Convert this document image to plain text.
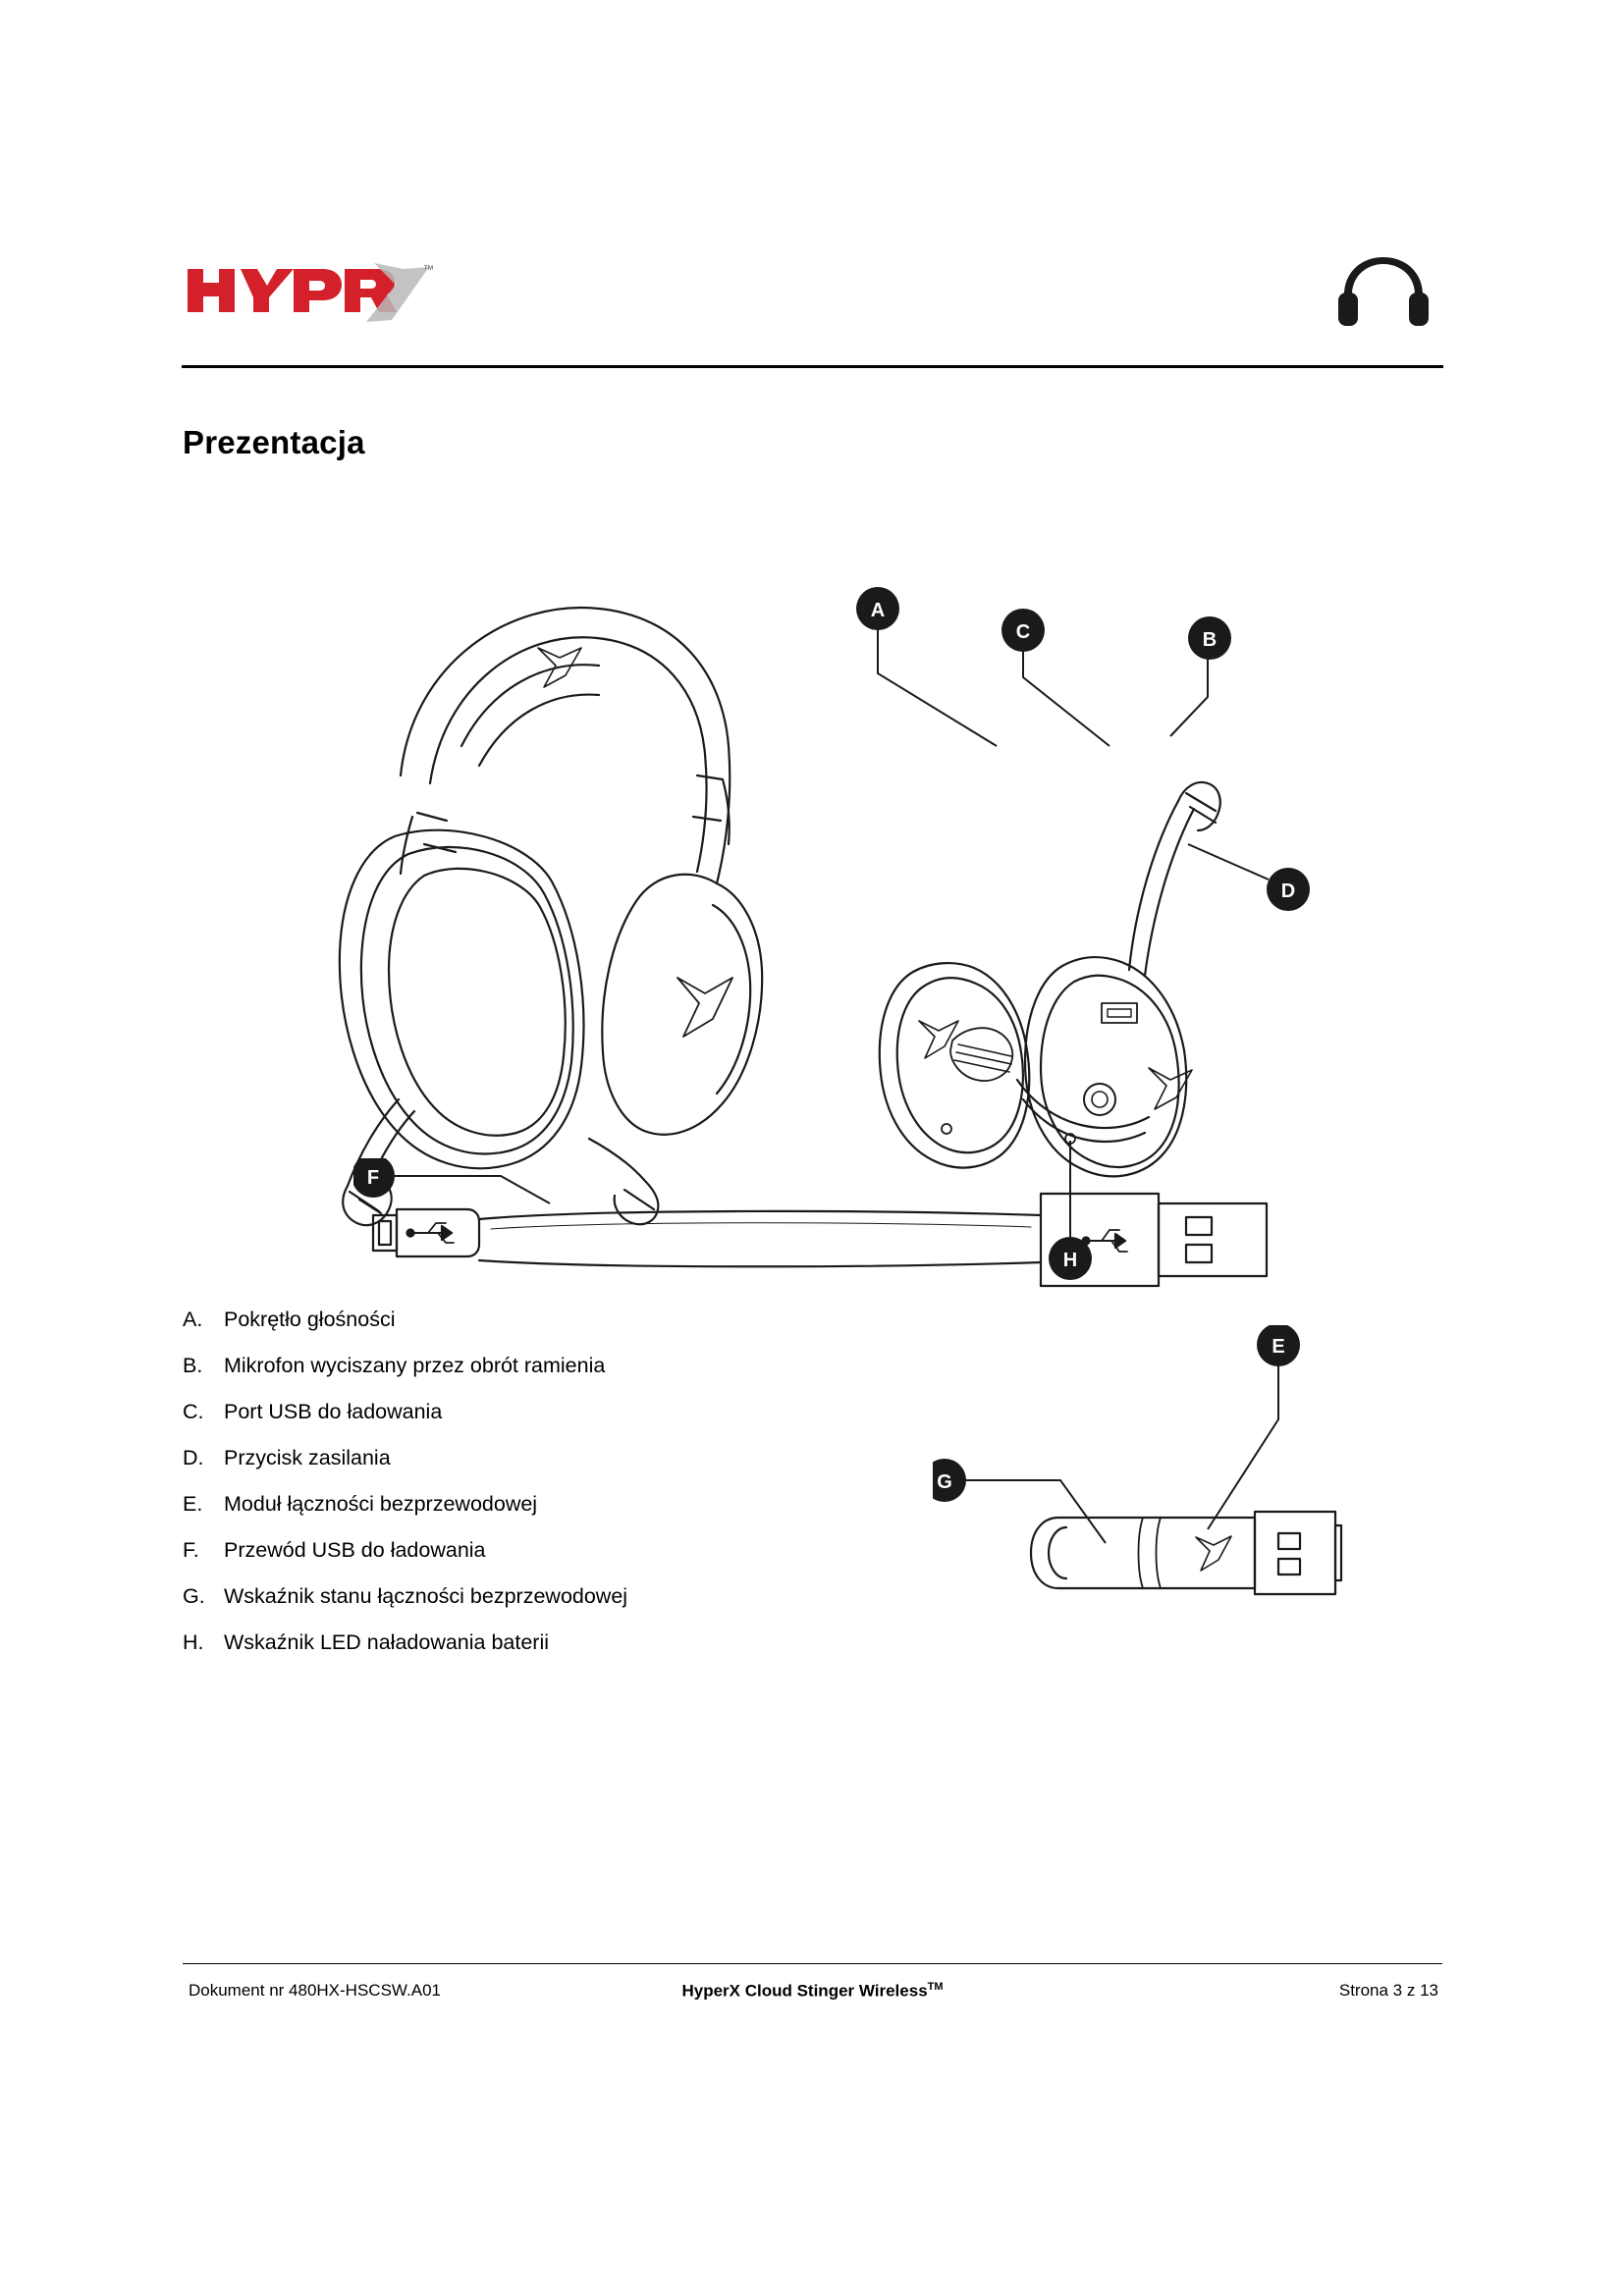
™
Prezentacja
A
C	B
D
H
F
E
G
A.	Pokrętło głośności
B.	Mikrofon wyciszany przez obrót ramienia
C. Port USB do ładowania
D. Przycisk zasilania
E.	Moduł łączności bezprzewodowej
F.	Przewód USB do ładowania
G. Wskaźnik stanu łączności bezprzewodowej
H. Wskaźnik LED naładowania baterii
Dokument nr 480HX-HSCSW.A01	HyperX Cloud Stinger Wireless™	Strona 3 z 13
